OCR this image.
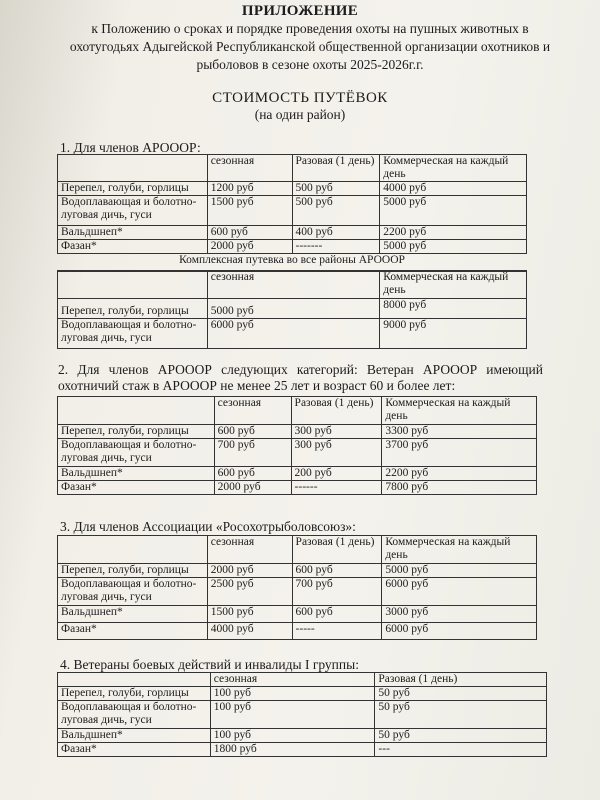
ПРИЛОЖЕНИЕ
к Положению о сроках и порядке проведения охоты на пушных животных в охотугодьях Адыгейской Республиканской общественной организации охотников и рыболовов в сезоне охоты 2025-2026г.г.
СТОИМОСТЬ ПУТЁВОК
(на один район)
1. Для членов АРОООР:
	сезонная	Разовая (1 день)	Коммерческая на каждый день
Перепел, голуби, горлицы	1200 руб	500 руб	4000 руб
Водоплавающая и болотно-луговая дичь, гуси	1500 руб	500 руб	5000 руб
Вальдшнеп*	600 руб	400 руб	2200 руб
Фазан*	2000 руб	-------	5000 руб
Комплексная путевка во все районы АРОООР			
	сезонная	Коммерческая на каждый день
Перепел, голуби, горлицы	5000 руб	8000 руб
Водоплавающая и болотно-луговая дичь, гуси	6000 руб	9000 руб
2. Для членов АРОООР следующих категорий: Ветеран АРОООР имеющий охотничий стаж в АРОООР не менее 25 лет и возраст 60 и более лет:
	сезонная	Разовая (1 день)	Коммерческая на каждый день
Перепел, голуби, горлицы	600 руб	300 руб	3300 руб
Водоплавающая и болотно-луговая дичь, гуси	700 руб	300 руб	3700 руб
Вальдшнеп*	600 руб	200 руб	2200 руб
Фазан*	2000 руб	------	7800 руб
3. Для членов Ассоциации «Росохотрыболовсоюз»:
	сезонная	Разовая (1 день)	Коммерческая на каждый день
Перепел, голуби, горлицы	2000 руб	600 руб	5000 руб
Водоплавающая и болотно-луговая дичь, гуси	2500 руб	700 руб	6000 руб
Вальдшнеп*	1500 руб	600 руб	3000 руб
Фазан*	4000 руб	-----	6000 руб
4. Ветераны боевых действий и инвалиды I группы:
	сезонная	Разовая (1 день)
Перепел, голуби, горлицы	100 руб	50 руб
Водоплавающая и болотно-луговая дичь, гуси	100 руб	50 руб
Вальдшнеп*	100 руб	50 руб
Фазан*	1800 руб	---
